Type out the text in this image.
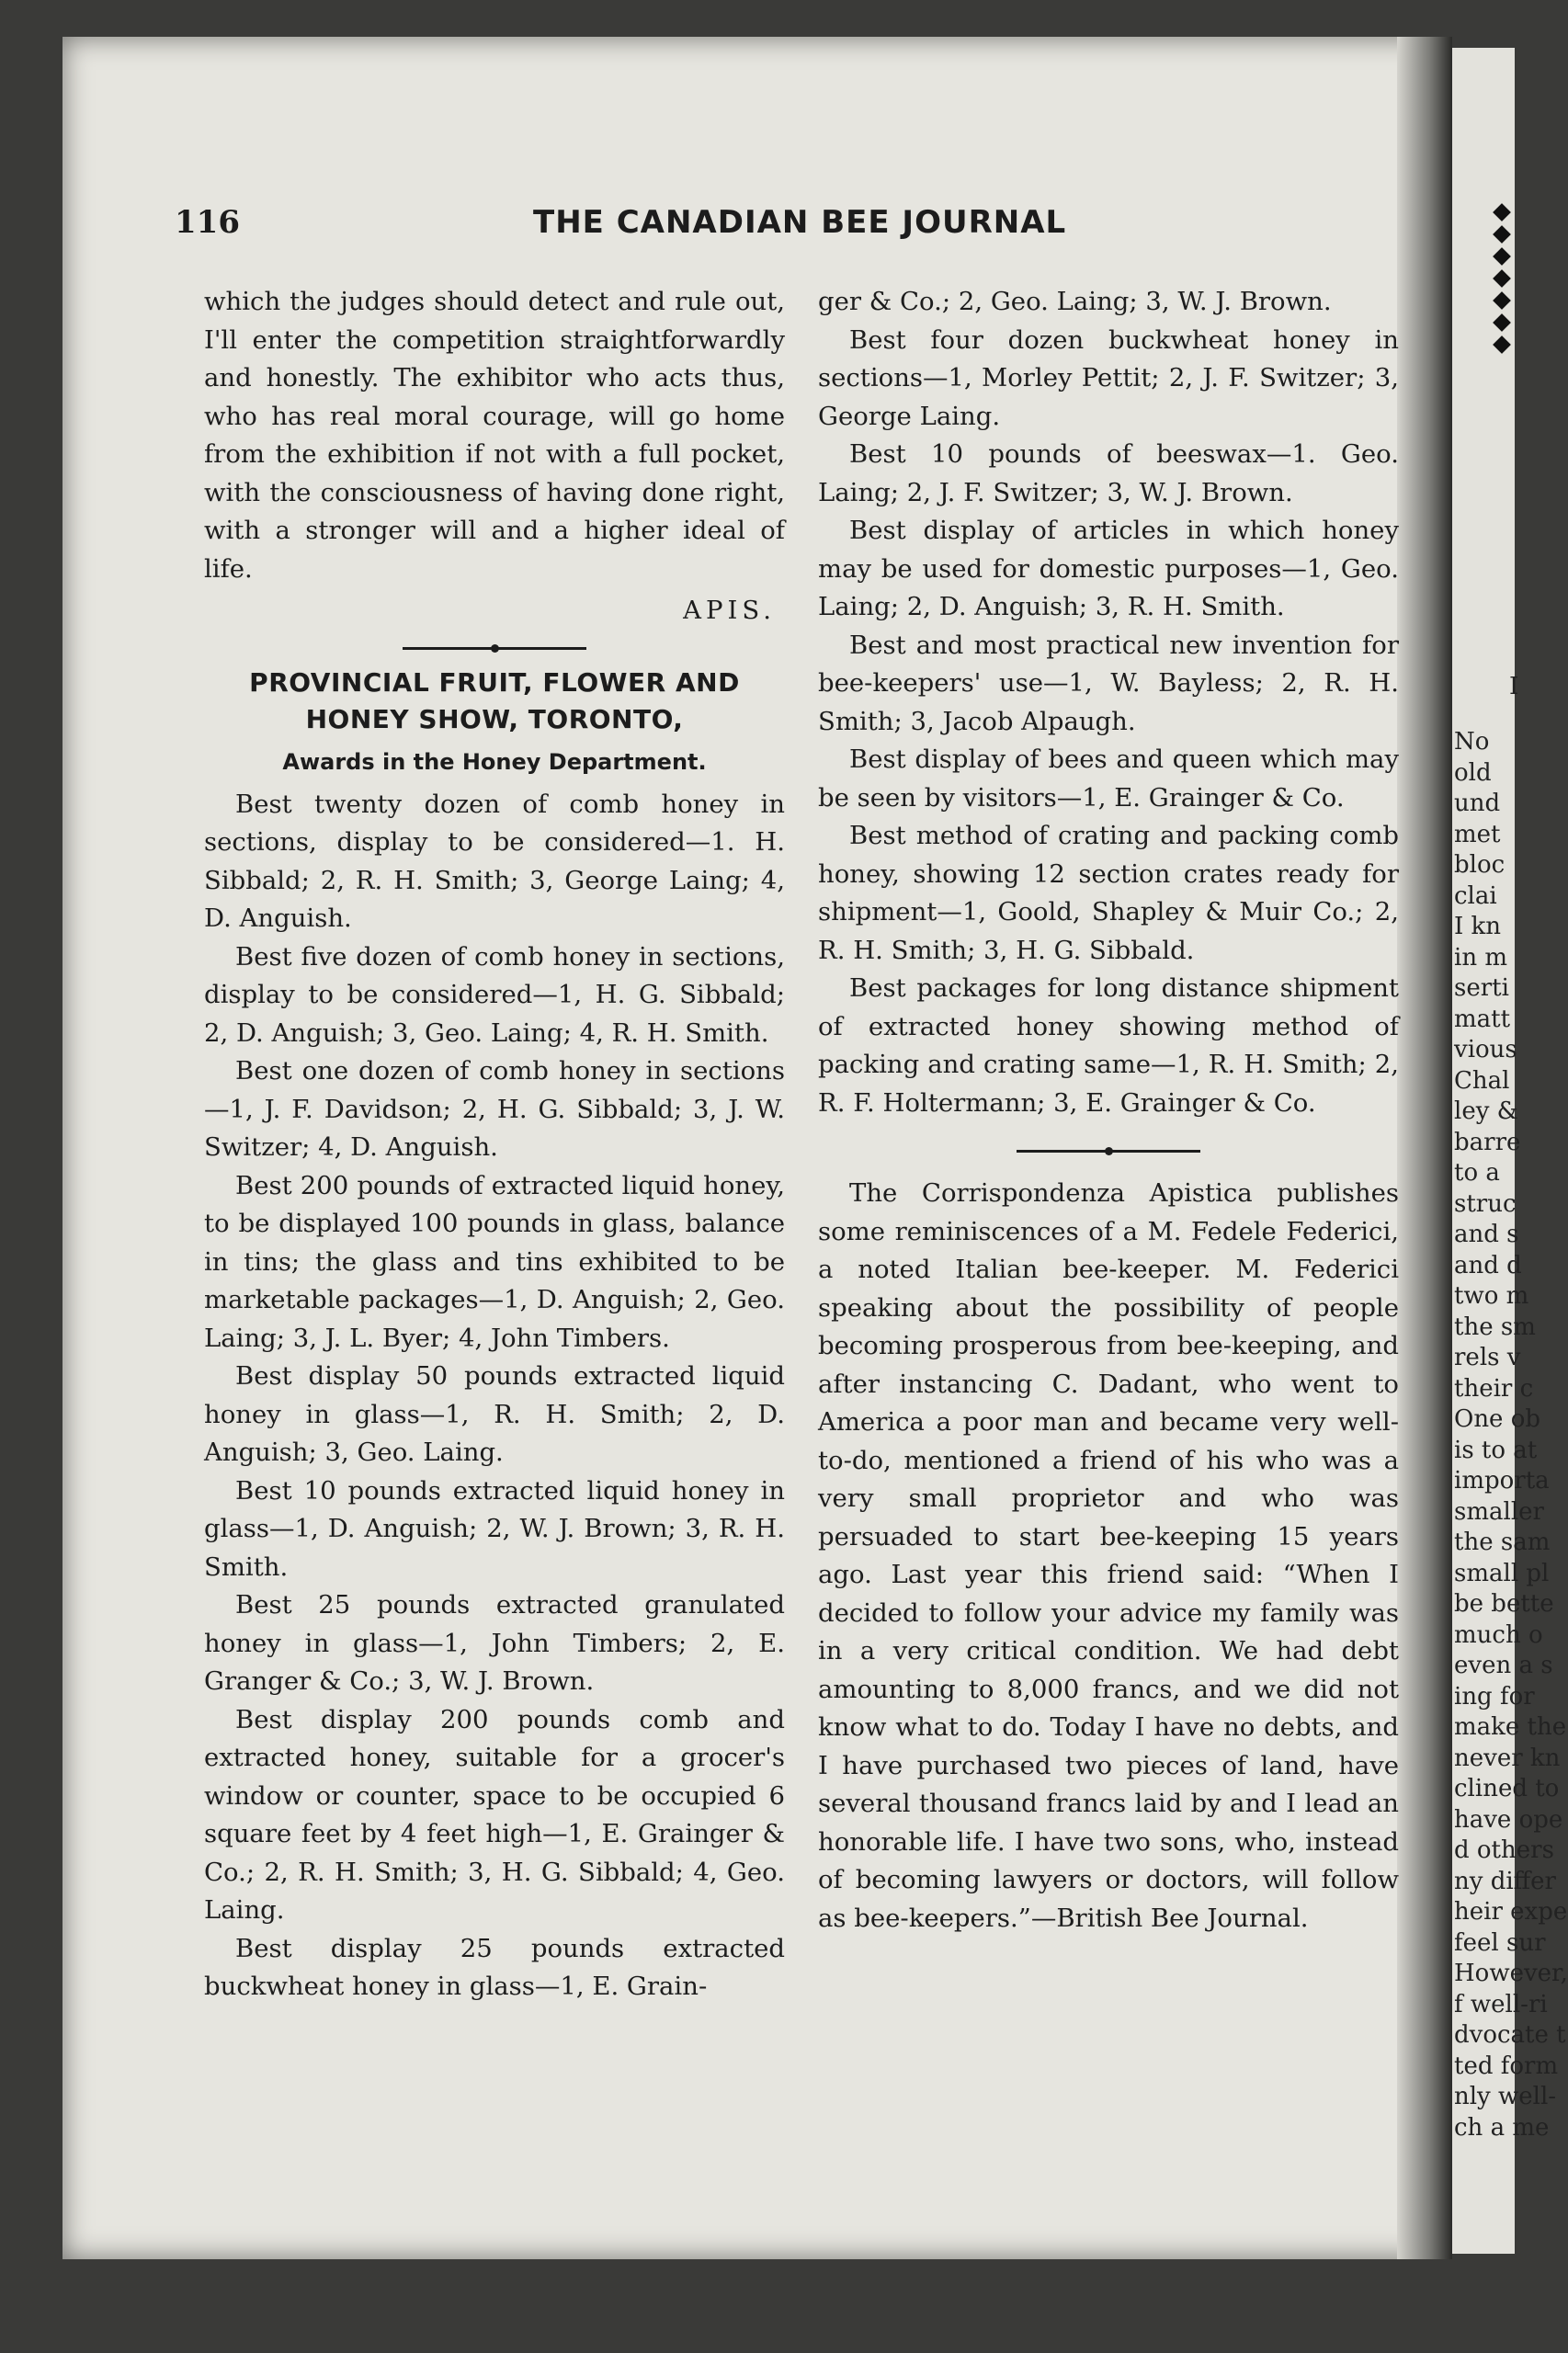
I
No
old
und
met
bloc
clai
I kn
in m
serti
matt
vious
Chal
ley &
barre
to a
struc
and s
and d
two m
the sm
rels v
their c
One ob
is to at
importa
smaller
the sam
small pl
be bette
much o
even a s
ing for
make the
never kn
clined to
have ope
d others
ny differ
heir expe
feel sur
However,
f well-ri
dvocate t
ted form
nly well-
ch a me
116	THE CANADIAN BEE JOURNAL

which the judges should detect and rule out, I'll enter the competition straightforwardly and honestly. The exhibitor who acts thus, who has real moral courage, will go home from the exhibition if not with a full pocket, with the consciousness of having done right, with a stronger will and a higher ideal of life.

APIS.

PROVINCIAL FRUIT, FLOWER AND HONEY SHOW, TORONTO,
Awards in the Honey Department.

Best twenty dozen of comb honey in sections, display to be considered—1. H. Sibbald; 2, R. H. Smith; 3, George Laing; 4, D. Anguish.

Best five dozen of comb honey in sections, display to be considered—1, H. G. Sibbald; 2, D. Anguish; 3, Geo. Laing; 4, R. H. Smith.

Best one dozen of comb honey in sections—1, J. F. Davidson; 2, H. G. Sibbald; 3, J. W. Switzer; 4, D. Anguish.

Best 200 pounds of extracted liquid honey, to be displayed 100 pounds in glass, balance in tins; the glass and tins exhibited to be marketable packages—1, D. Anguish; 2, Geo. Laing; 3, J. L. Byer; 4, John Timbers.

Best display 50 pounds extracted liquid honey in glass—1, R. H. Smith; 2, D. Anguish; 3, Geo. Laing.

Best 10 pounds extracted liquid honey in glass—1, D. Anguish; 2, W. J. Brown; 3, R. H. Smith.

Best 25 pounds extracted granulated honey in glass—1, John Timbers; 2, E. Granger & Co.; 3, W. J. Brown.

Best display 200 pounds comb and extracted honey, suitable for a grocer's window or counter, space to be occupied 6 square feet by 4 feet high—1, E. Grainger & Co.; 2, R. H. Smith; 3, H. G. Sibbald; 4, Geo. Laing.

Best display 25 pounds extracted buckwheat honey in glass—1, E. Grain-

ger & Co.; 2, Geo. Laing; 3, W. J. Brown.

Best four dozen buckwheat honey in sections—1, Morley Pettit; 2, J. F. Switzer; 3, George Laing.

Best 10 pounds of beeswax—1. Geo. Laing; 2, J. F. Switzer; 3, W. J. Brown.

Best display of articles in which honey may be used for domestic purposes—1, Geo. Laing; 2, D. Anguish; 3, R. H. Smith.

Best and most practical new invention for bee-keepers' use—1, W. Bayless; 2, R. H. Smith; 3, Jacob Alpaugh.

Best display of bees and queen which may be seen by visitors—1, E. Grainger & Co.

Best method of crating and packing comb honey, showing 12 section crates ready for shipment—1, Goold, Shapley & Muir Co.; 2, R. H. Smith; 3, H. G. Sibbald.

Best packages for long distance shipment of extracted honey showing method of packing and crating same—1, R. H. Smith; 2, R. F. Holtermann; 3, E. Grainger & Co.

The Corrispondenza Apistica publishes some reminiscences of a M. Fedele Federici, a noted Italian bee-keeper. M. Federici speaking about the possibility of people becoming prosperous from bee-keeping, and after instancing C. Dadant, who went to America a poor man and became very well-to-do, mentioned a friend of his who was a very small proprietor and who was persuaded to start bee-keeping 15 years ago. Last year this friend said: “When I decided to follow your advice my family was in a very critical condition. We had debt amounting to 8,000 francs, and we did not know what to do. Today I have no debts, and I have purchased two pieces of land, have several thousand francs laid by and I lead an honorable life. I have two sons, who, instead of becoming lawyers or doctors, will follow as bee-keepers.”—British Bee Journal.
